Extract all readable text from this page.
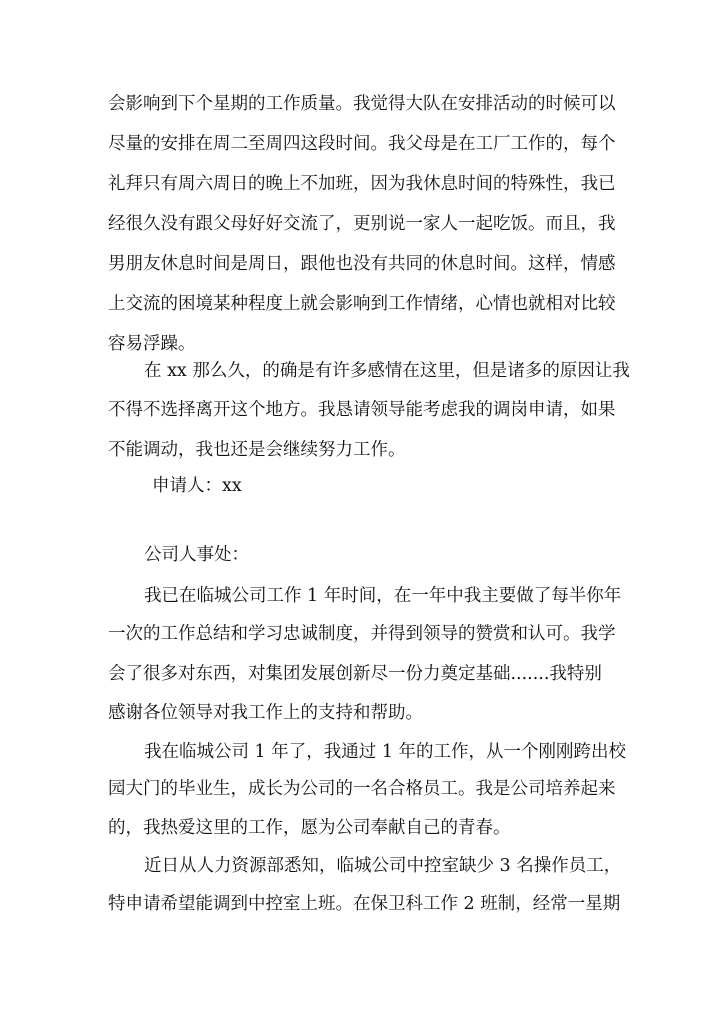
会影响到下个星期的工作质量。我觉得大队在安排活动的时候可以
尽量的安排在周二至周四这段时间。我父母是在工厂工作的，每个
礼拜只有周六周日的晚上不加班，因为我休息时间的特殊性，我已
经很久没有跟父母好好交流了，更别说一家人一起吃饭。而且，我
男朋友休息时间是周日，跟他也没有共同的休息时间。这样，情感
上交流的困境某种程度上就会影响到工作情绪，心情也就相对比较
容易浮躁。
在 xx 那么久，的确是有许多感情在这里，但是诸多的原因让我
不得不选择离开这个地方。我恳请领导能考虑我的调岗申请，如果
不能调动，我也还是会继续努力工作。
申请人：xx
公司人事处：
我已在临城公司工作 1 年时间，在一年中我主要做了每半你年
一次的工作总结和学习忠诚制度，并得到领导的赞赏和认可。我学
会了很多对东西，对集团发展创新尽一份力奠定基础.......我特别
感谢各位领导对我工作上的支持和帮助。
我在临城公司 1 年了，我通过 1 年的工作，从一个刚刚跨出校
园大门的毕业生，成长为公司的一名合格员工。我是公司培养起来
的，我热爱这里的工作，愿为公司奉献自己的青春。
近日从人力资源部悉知，临城公司中控室缺少 3 名操作员工，
特申请希望能调到中控室上班。在保卫科工作 2 班制，经常一星期
